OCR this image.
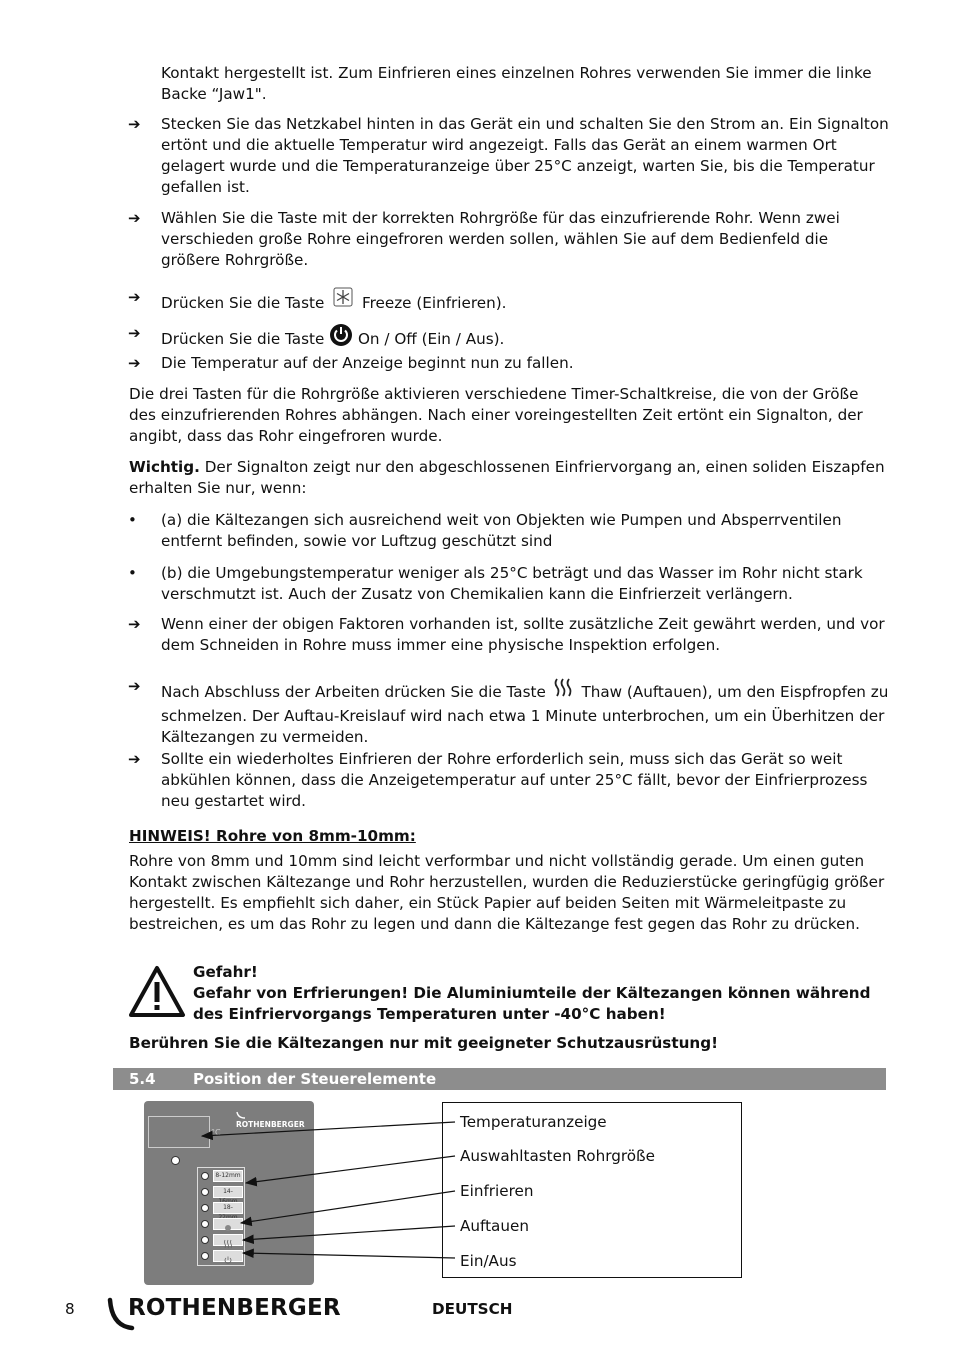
Kontakt hergestellt ist. Zum Einfrieren eines einzelnen Rohres verwenden Sie immer die linke Backe “Jaw1".

➔	Stecken Sie das Netzkabel hinten in das Gerät ein und schalten Sie den Strom an. Ein Signalton ertönt und die aktuelle Temperatur wird angezeigt. Falls das Gerät an einem warmen Ort gelagert wurde und die Temperaturanzeige über 25°C anzeigt, warten Sie, bis die Temperatur gefallen ist.

➔	Wählen Sie die Taste mit der korrekten Rohrgröße für das einzufrierende Rohr. Wenn zwei verschieden große Rohre eingefroren werden sollen, wählen Sie auf dem Bedienfeld die größere Rohrgröße.

➔	Drücken Sie die Taste Freeze (Einfrieren).

➔	Drücken Sie die Taste On / Off (Ein / Aus).

➔	Die Temperatur auf der Anzeige beginnt nun zu fallen.

Die drei Tasten für die Rohrgröße aktivieren verschiedene Timer-Schaltkreise, die von der Größe des einzufrierenden Rohres abhängen. Nach einer voreingestellten Zeit ertönt ein Signalton, der angibt, dass das Rohr eingefroren wurde.

Wichtig. Der Signalton zeigt nur den abgeschlossenen Einfriervorgang an, einen soliden Eiszapfen erhalten Sie nur, wenn:

•	(a) die Kältezangen sich ausreichend weit von Objekten wie Pumpen und Absperrventilen entfernt befinden, sowie vor Luftzug geschützt sind

•	(b) die Umgebungstemperatur weniger als 25°C beträgt und das Wasser im Rohr nicht stark verschmutzt ist. Auch der Zusatz von Chemikalien kann die Einfrierzeit verlängern.

➔	Wenn einer der obigen Faktoren vorhanden ist, sollte zusätzliche Zeit gewährt werden, und vor dem Schneiden in Rohre muss immer eine physische Inspektion erfolgen.

➔	Nach Abschluss der Arbeiten drücken Sie die Taste Thaw (Auftauen), um den Eispfropfen zu schmelzen. Der Auftau-Kreislauf wird nach etwa 1 Minute unterbrochen, um ein Überhitzen der Kältezangen zu vermeiden.

➔	Sollte ein wiederholtes Einfrieren der Rohre erforderlich sein, muss sich das Gerät so weit abkühlen können, dass die Anzeigetemperatur auf unter 25°C fällt, bevor der Einfrierprozess neu gestartet wird.

HINWEIS! Rohre von 8mm-10mm:

Rohre von 8mm und 10mm sind leicht verformbar und nicht vollständig gerade. Um einen guten Kontakt zwischen Kältezange und Rohr herzustellen, wurden die Reduzierstücke geringfügig größer hergestellt. Es empfiehlt sich daher, ein Stück Papier auf beiden Seiten mit Wärmeleitpaste zu bestreichen, es um das Rohr zu legen und dann die Kältezange fest gegen das Rohr zu drücken.

Gefahr!

Gefahr von Erfrierungen! Die Aluminiumteile der Kältezangen können während des Einfriervorgangs Temperaturen unter -40°C haben!

Berühren Sie die Kältezangen nur mit geeigneter Schutzausrüstung!

5.4 Position der Steuerelemente
°C
ROTHENBERGER
8-12mm
14-
18-
Temperaturanzeige
Auswahltasten Rohrgröße
Einfrieren
Auftauen
Ein/Aus
8 ROTHENBERGER	DEUTSCH
